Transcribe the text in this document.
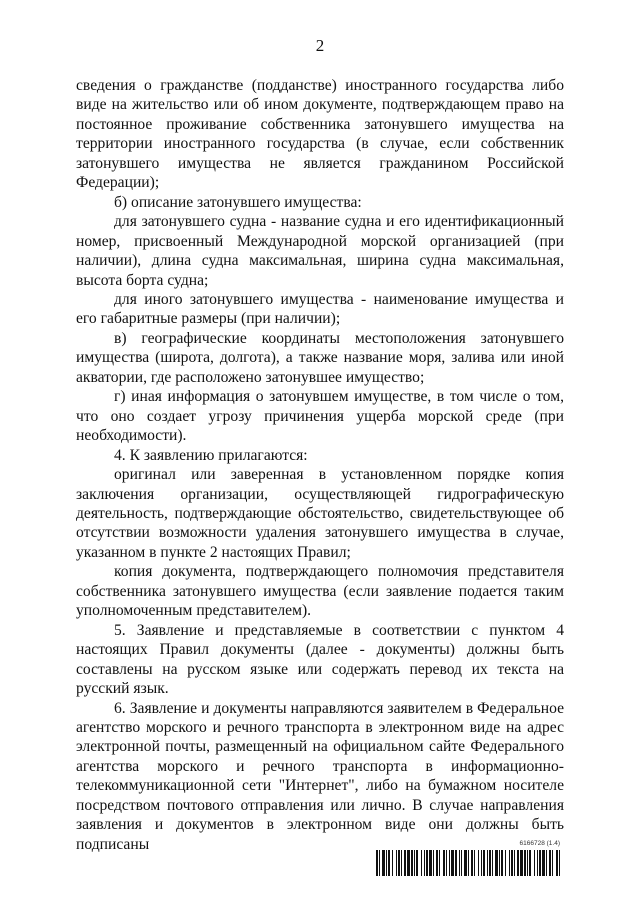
2

сведения о гражданстве (подданстве) иностранного государства либо виде на жительство или об ином документе, подтверждающем право на постоянное проживание собственника затонувшего имущества на территории иностранного государства (в случае, если собственник затонувшего имущества не является гражданином Российской Федерации);

б) описание затонувшего имущества:

для затонувшего судна - название судна и его идентификационный номер, присвоенный Международной морской организацией (при наличии), длина судна максимальная, ширина судна максимальная, высота борта судна;

для иного затонувшего имущества - наименование имущества и его габаритные размеры (при наличии);

в) географические координаты местоположения затонувшего имущества (широта, долгота), а также название моря, залива или иной акватории, где расположено затонувшее имущество;

г) иная информация о затонувшем имуществе, в том числе о том, что оно создает угрозу причинения ущерба морской среде (при необходимости).

4. К заявлению прилагаются:

оригинал или заверенная в установленном порядке копия заключения организации, осуществляющей гидрографическую деятельность, подтверждающие обстоятельство, свидетельствующее об отсутствии возможности удаления затонувшего имущества в случае, указанном в пункте 2 настоящих Правил;

копия документа, подтверждающего полномочия представителя собственника затонувшего имущества (если заявление подается таким уполномоченным представителем).

5. Заявление и представляемые в соответствии с пунктом 4 настоящих Правил документы (далее - документы) должны быть составлены на русском языке или содержать перевод их текста на русский язык.

6. Заявление и документы направляются заявителем в Федеральное агентство морского и речного транспорта в электронном виде на адрес электронной почты, размещенный на официальном сайте Федерального агентства морского и речного транспорта в информационно-телекоммуникационной сети "Интернет", либо на бумажном носителе посредством почтового отправления или лично. В случае направления заявления и документов в электронном виде они должны быть подписаны	6166728 (1.4)
